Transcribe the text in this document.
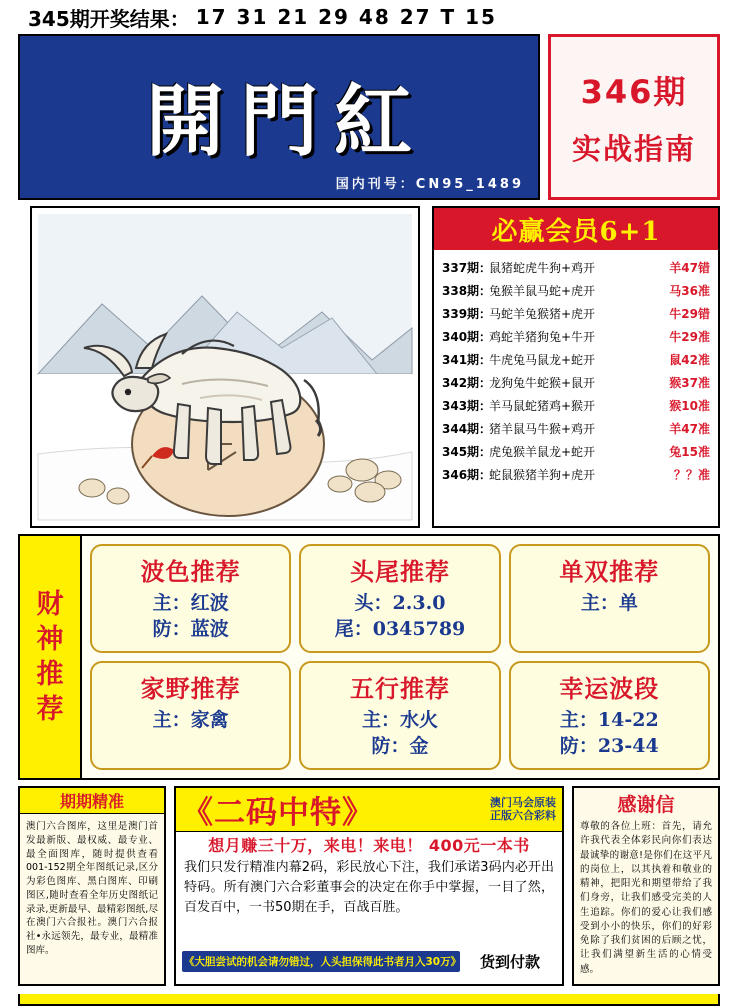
345期开奖结果： 17 31 21 29 48 27 T 15
開門紅
国内刊号：CN95_1489
346期
实战指南
必赢会员6+1
337期：
鼠猪蛇虎牛狗+鸡开	羊47错
338期：
兔猴羊鼠马蛇+虎开	马36准
339期：
马蛇羊兔猴猪+虎开	牛29错
340期：
鸡蛇羊猪狗兔+牛开	牛29准
341期：
牛虎兔马鼠龙+蛇开	鼠42准
342期：
龙狗兔牛蛇猴+鼠开	猴37准
343期：
羊马鼠蛇猪鸡+猴开	猴10准
344期：
猪羊鼠马牛猴+鸡开	羊47准
345期：
虎兔猴羊鼠龙+蛇开	兔15准
346期：
蛇鼠猴猪羊狗+虎开	？？准
财
神
推
荐
波色推荐
主：红波
防：蓝波
头尾推荐
头：2.3.0
尾：0345789
单双推荐
主：单
家野推荐
主：家禽
五行推荐
主：水火
防：金
幸运波段
主：14-22
防：23-44
期期精准
澳门六合图库，这里是澳门首发最新版、最权威、最专业、最全面图库，随时提供查看001-152期全年图纸记录,区分为彩色图库、黑白图库、印刷图区,随时查看全年历史图纸记录录,更新最早、最精彩图纸,尽在澳门六合报社。澳门六合报社•永远领先，最专业，最精准图库。
《二码中特》	澳门马会原装
正版六合彩料
想月赚三十万，来电！来电！ 400元一本书
我们只发行精准内幕2码，彩民放心下注，我们承诺3码内必开出特码。所有澳门六合彩董事会的决定在你手中掌握，一目了然，百发百中，一书50期在手，百战百胜。
《大胆尝试的机会请勿错过，人头担保得此书者月入30万》	货到付款
感谢信
尊敬的各位上班：首先，请允许我代表全体彩民向你们表达最诚挚的谢意!是你们在这平凡的岗位上，以其执着和敬业的精神，把阳光和期望带给了我们身旁，让我们感受完美的人生追踪。你们的爱心让我们感受到小小的快乐，你们的好彩免除了我们贫困的后顾之忧，让我们满望新生活的心情受感。
